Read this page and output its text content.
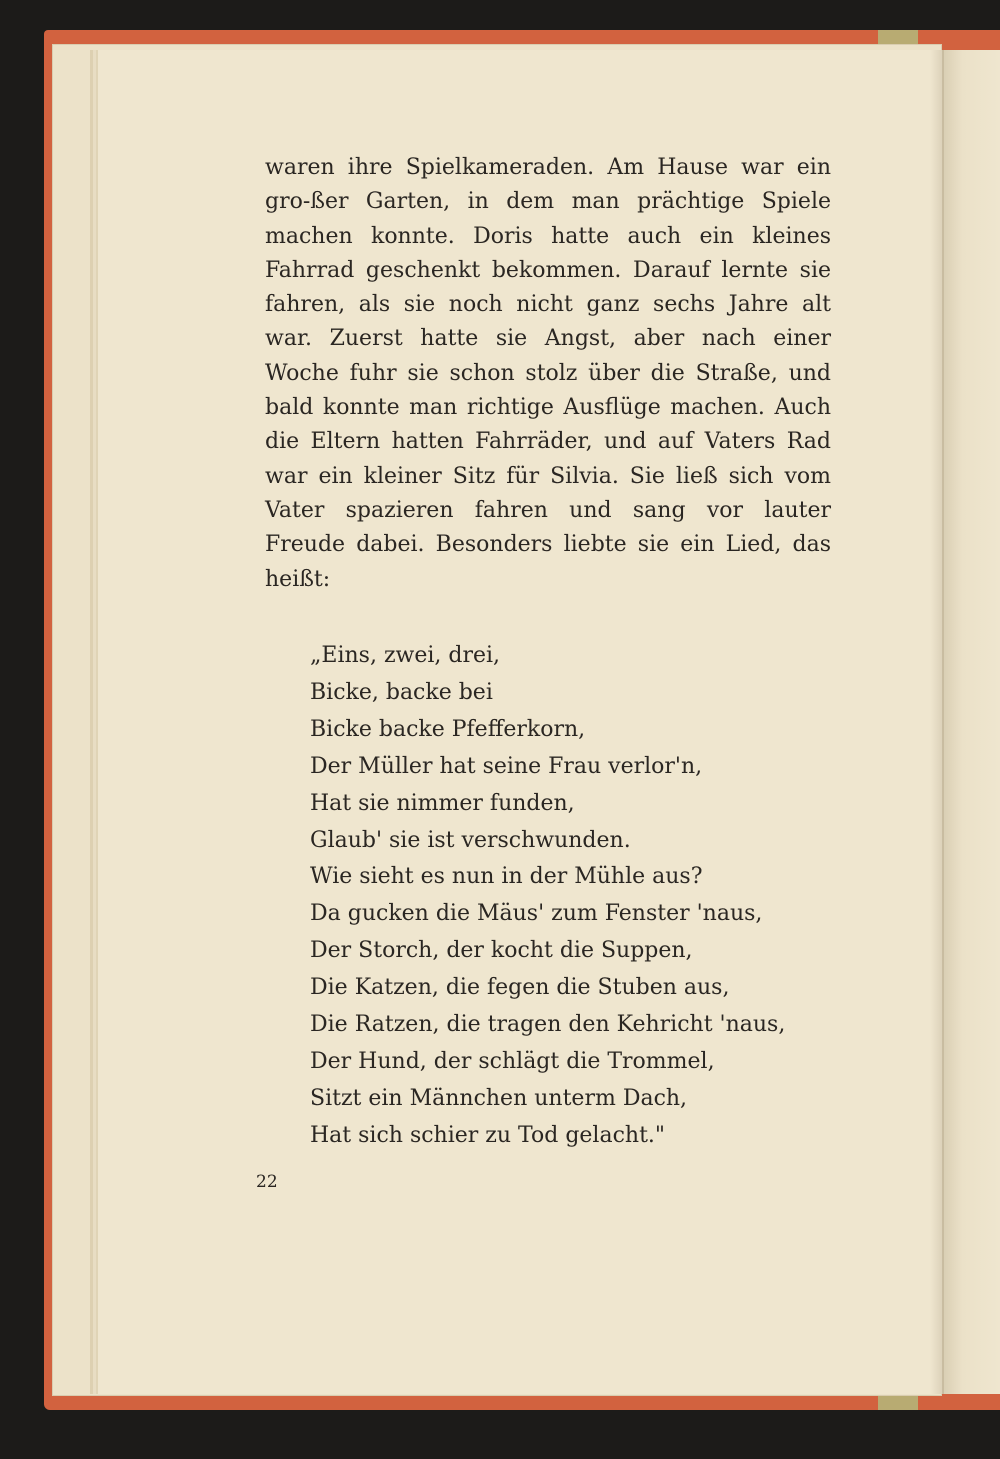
waren ihre Spielkameraden. Am Hause war ein gro-ßer Garten, in dem man prächtige Spiele machen konnte. Doris hatte auch ein kleines Fahrrad geschenkt bekommen. Darauf lernte sie fahren, als sie noch nicht ganz sechs Jahre alt war. Zuerst hatte sie Angst, aber nach einer Woche fuhr sie schon stolz über die Straße, und bald konnte man richtige Ausflüge machen. Auch die Eltern hatten Fahrräder, und auf Vaters Rad war ein kleiner Sitz für Silvia. Sie ließ sich vom Vater spazieren fahren und sang vor lauter Freude dabei. Besonders liebte sie ein Lied, das heißt:

„Eins, zwei, drei,
Bicke, backe bei
Bicke backe Pfefferkorn,
Der Müller hat seine Frau verlor'n,
Hat sie nimmer funden,
Glaub' sie ist verschwunden.
Wie sieht es nun in der Mühle aus?
Da gucken die Mäus' zum Fenster 'naus,
Der Storch, der kocht die Suppen,
Die Katzen, die fegen die Stuben aus,
Die Ratzen, die tragen den Kehricht 'naus,
Der Hund, der schlägt die Trommel,
Sitzt ein Männchen unterm Dach,
Hat sich schier zu Tod gelacht."
22
